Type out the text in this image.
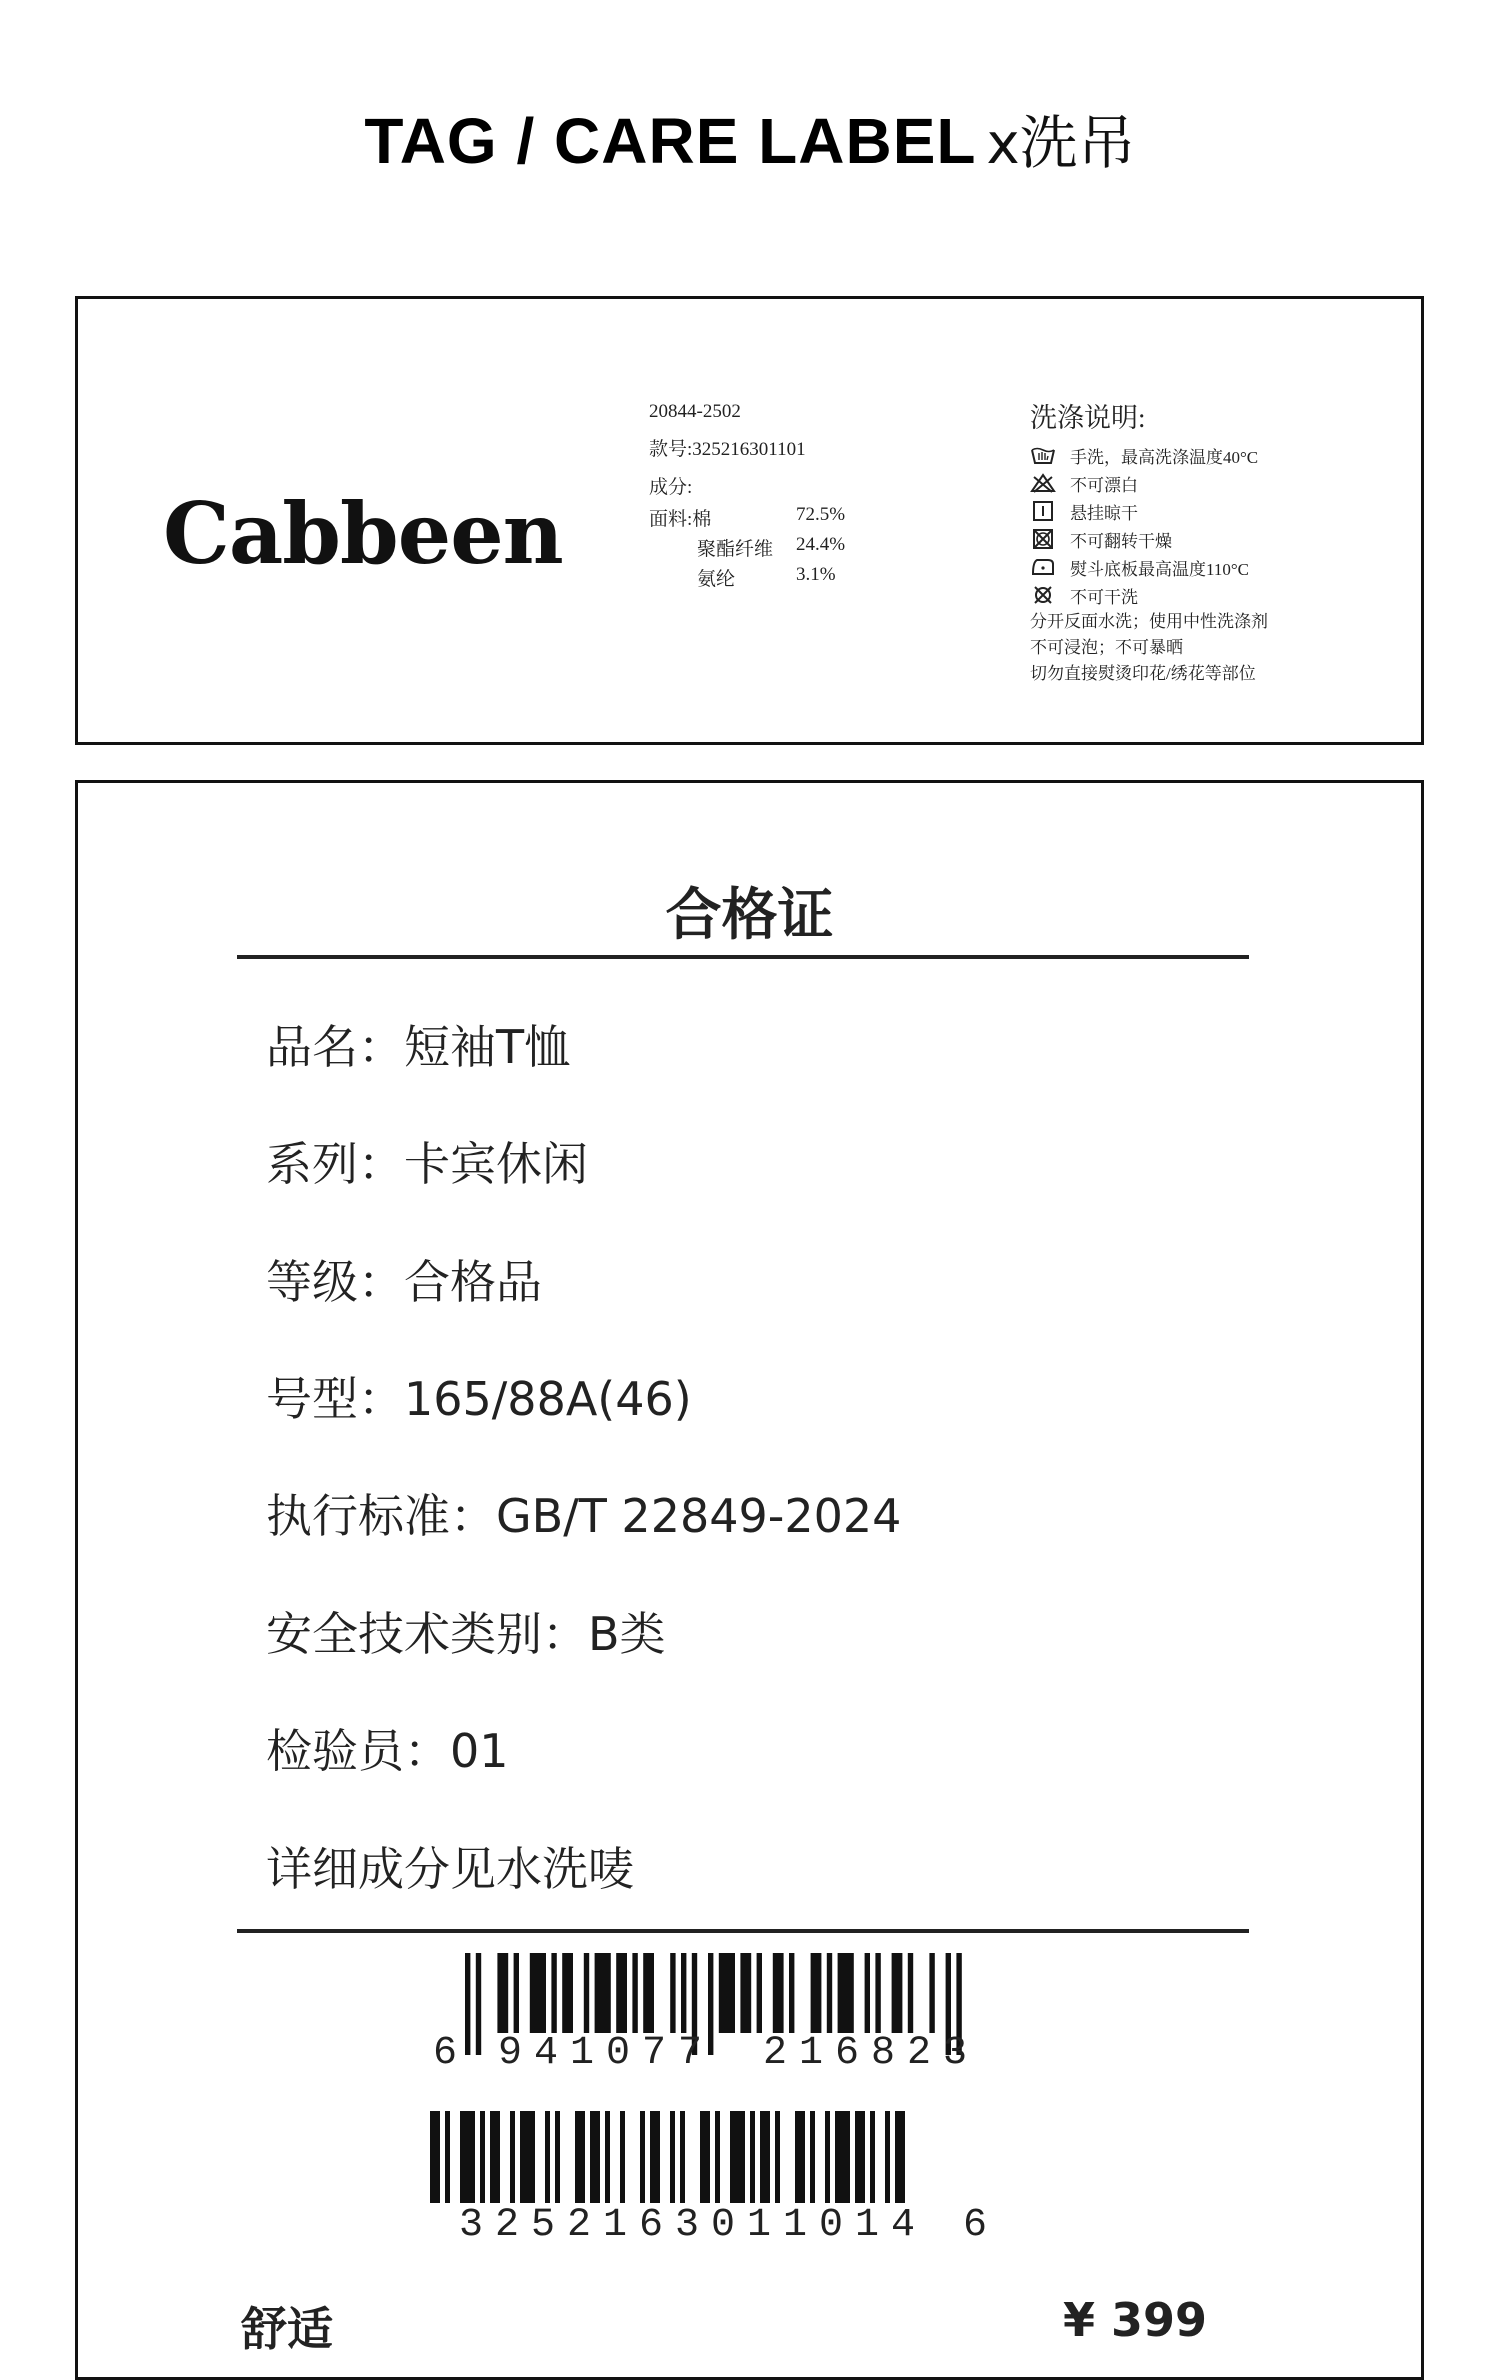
TAG / CARE LABEL x洗吊
Cabbeen
20844-2502
款号:325216301101
成分:
面料:棉	72.5%
聚酯纤维 24.4%
氨纶	3.1%
洗涤说明:
手洗，最高洗涤温度40°C
不可漂白
悬挂晾干
不可翻转干燥
熨斗底板最高温度110°C
不可干洗
分开反面水洗；使用中性洗涤剂
不可浸泡；不可暴晒
切勿直接熨烫印花/绣花等部位
合格证
品名：短袖T恤
系列：卡宾休闲
等级：合格品
号型：165/88A(46)
执行标准：GB/T 22849-2024
安全技术类别：B类
检验员：01
详细成分见水洗唛
6 941077 216823
3252163011014 6
舒适	¥ 399
